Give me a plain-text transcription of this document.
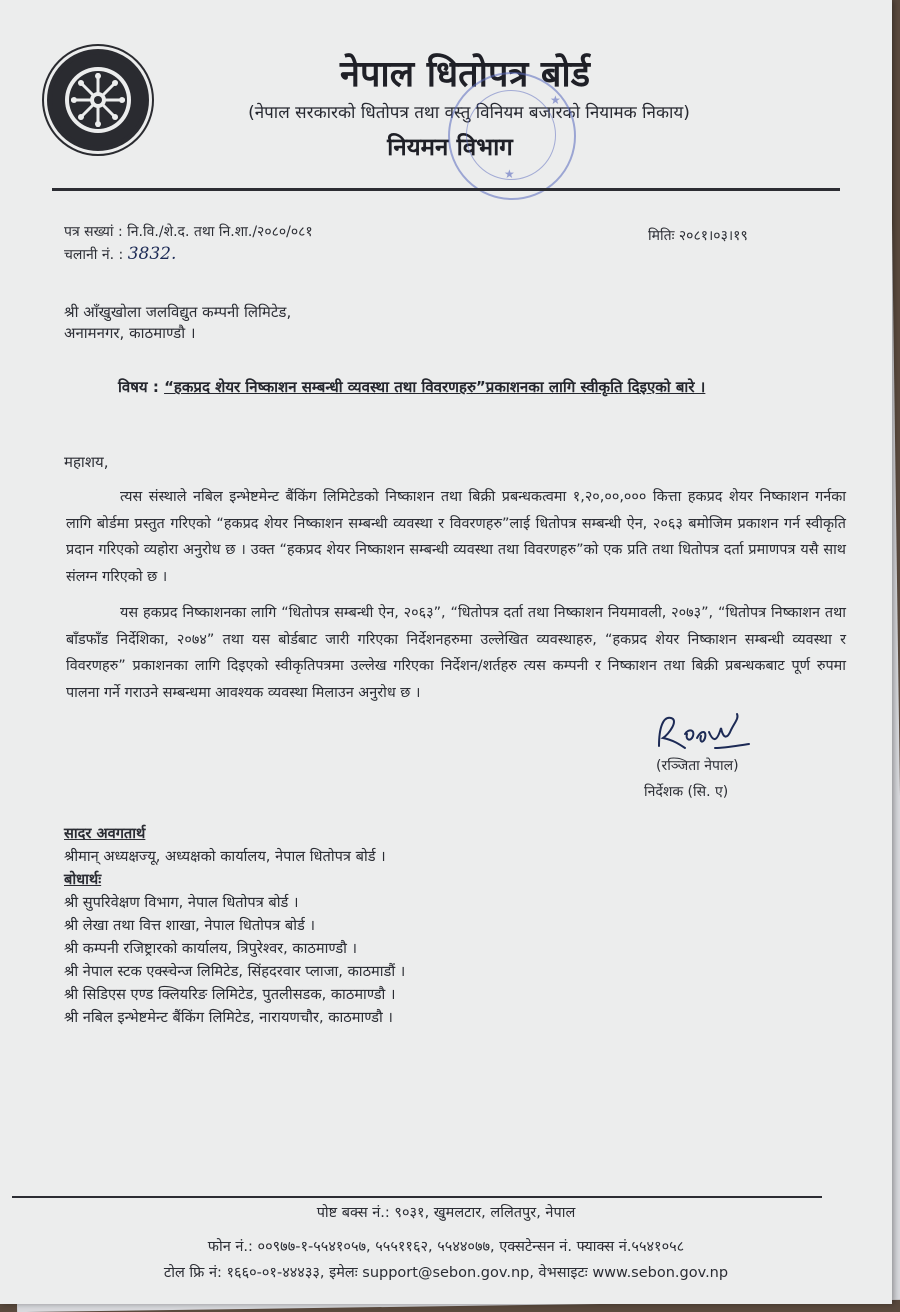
नेपाल धितोपत्र बोर्ड
(नेपाल सरकारको धितोपत्र तथा वस्तु विनियम बजारको नियामक निकाय)
नियमन विभाग
★
★
पत्र सख्यां : नि.वि./शे.द. तथा नि.शा./२०८०/०८१
चलानी नं. : 3832.
मितिः २०८१।०३।१९
श्री आँखुखोला जलविद्युत कम्पनी लिमिटेड,
अनामनगर, काठमाण्डौ ।
विषय : “हकप्रद शेयर निष्काशन सम्बन्धी व्यवस्था तथा विवरणहरु”प्रकाशनका लागि स्वीकृति दिइएको बारे ।
महाशय,

त्यस संस्थाले नबिल इन्भेष्टमेन्ट बैंकिंग लिमिटेडको निष्काशन तथा बिक्री प्रबन्धकत्वमा १,२०,००,००० कित्ता हकप्रद शेयर निष्काशन गर्नका लागि बोर्डमा प्रस्तुत गरिएको “हकप्रद शेयर निष्काशन सम्बन्धी व्यवस्था र विवरणहरु”लाई धितोपत्र सम्बन्धी ऐन, २०६३ बमोजिम प्रकाशन गर्न स्वीकृति प्रदान गरिएको व्यहोरा अनुरोध छ । उक्त “हकप्रद शेयर निष्काशन सम्बन्धी व्यवस्था तथा विवरणहरु”को एक प्रति तथा धितोपत्र दर्ता प्रमाणपत्र यसै साथ संलग्न गरिएको छ ।

यस हकप्रद निष्काशनका लागि “धितोपत्र सम्बन्धी ऐन, २०६३”, “धितोपत्र दर्ता तथा निष्काशन नियमावली, २०७३”, “धितोपत्र निष्काशन तथा बाँडफाँड निर्देशिका, २०७४” तथा यस बोर्डबाट जारी गरिएका निर्देशनहरुमा उल्लेखित व्यवस्थाहरु, “हकप्रद शेयर निष्काशन सम्बन्धी व्यवस्था र विवरणहरु” प्रकाशनका लागि दिइएको स्वीकृतिपत्रमा उल्लेख गरिएका निर्देशन/शर्तहरु त्यस कम्पनी र निष्काशन तथा बिक्री प्रबन्धकबाट पूर्ण रुपमा पालना गर्ने गराउने सम्बन्धमा आवश्यक व्यवस्था मिलाउन अनुरोध छ ।

(रञ्जिता नेपाल)
निर्देशक (सि. ए)
सादर अवगतार्थ
श्रीमान् अध्यक्षज्यू, अध्यक्षको कार्यालय, नेपाल धितोपत्र बोर्ड ।
बोधार्थः
श्री सुपरिवेक्षण विभाग, नेपाल धितोपत्र बोर्ड ।
श्री लेखा तथा वित्त शाखा, नेपाल धितोपत्र बोर्ड ।
श्री कम्पनी रजिष्ट्रारको कार्यालय, त्रिपुरेश्वर, काठमाण्डौ ।
श्री नेपाल स्टक एक्स्चेन्ज लिमिटेड, सिंहदरवार प्लाजा, काठमाडौं ।
श्री सिडिएस एण्ड क्लियरिङ लिमिटेड, पुतलीसडक, काठमाण्डौ ।
श्री नबिल इन्भेष्टमेन्ट बैंकिंग लिमिटेड, नारायणचौर, काठमाण्डौ ।
पोष्ट बक्स नं.: ९०३१, खुमलटार, ललितपुर, नेपाल
फोन नं.: ००९७७-१-५५४१०५७, ५५५११६२, ५५४४०७७, एक्सटेन्सन नं. फ्याक्स नं.५५४१०५८
टोल फ्रि नं: १६६०-०१-४४४३३, इमेलः support@sebon.gov.np, वेभसाइटः www.sebon.gov.np
